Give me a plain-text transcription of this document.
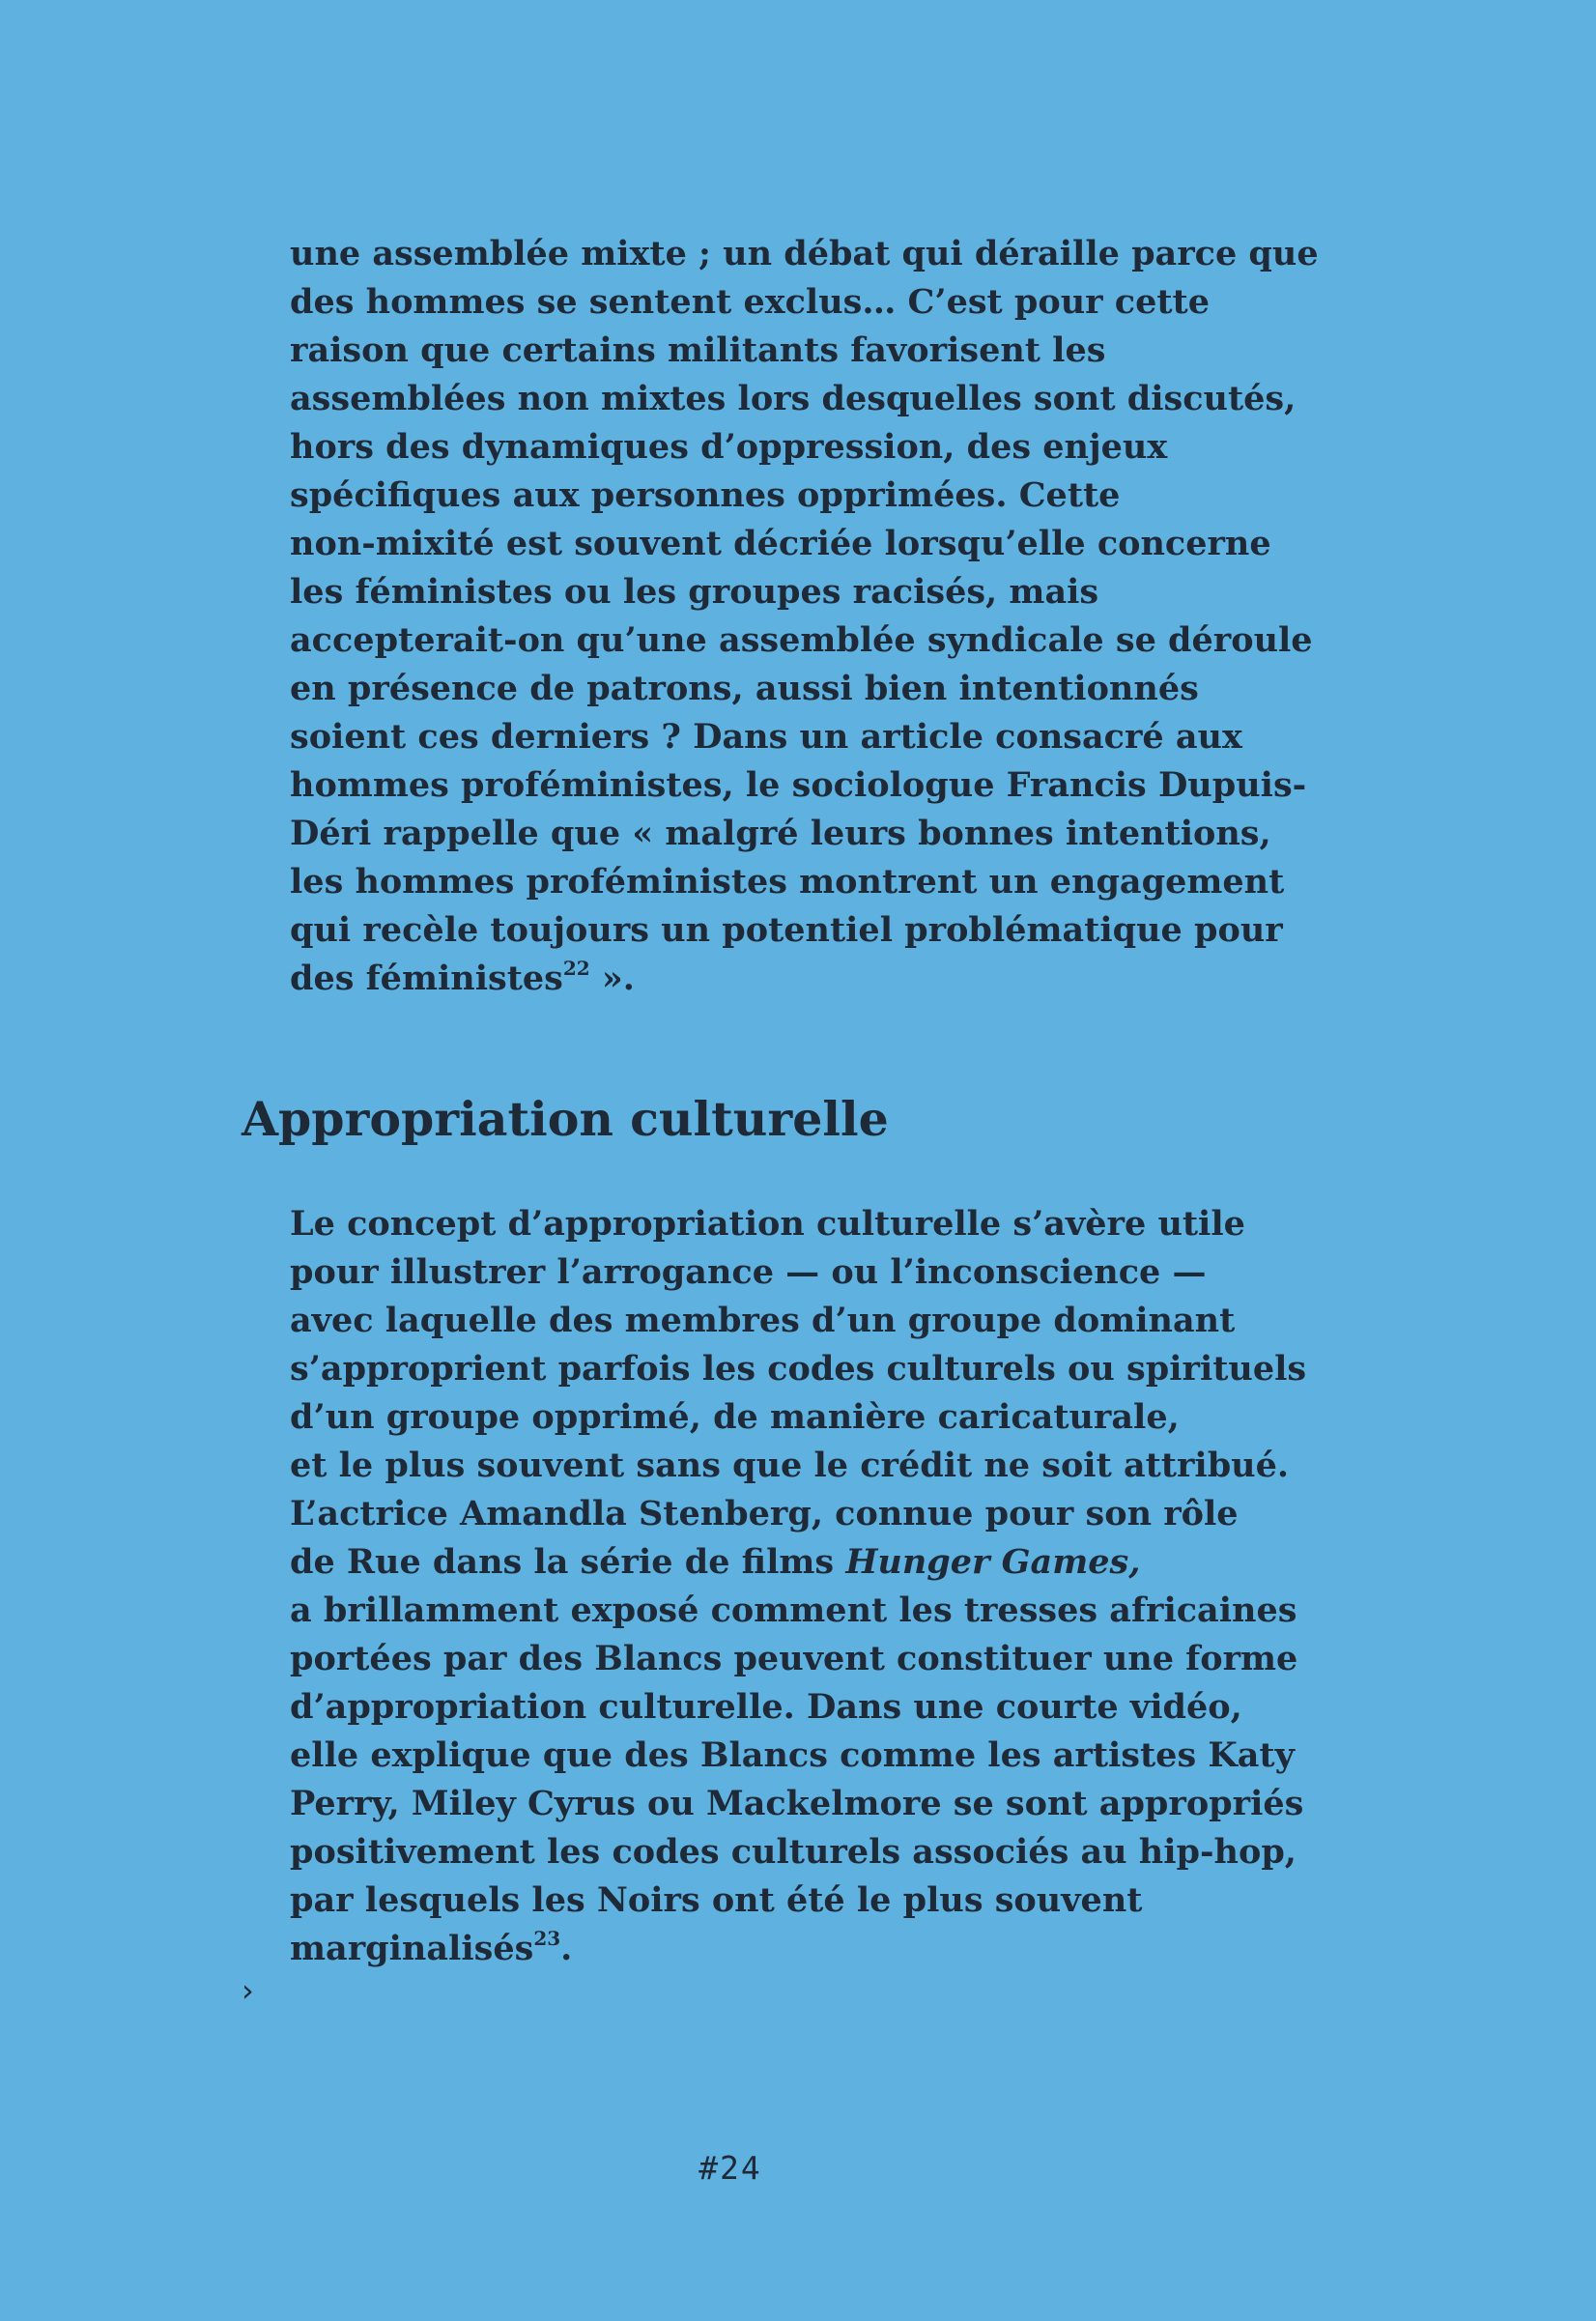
une assemblée mixte ; un débat qui déraille parce que
des hommes se sentent exclus… C’est pour cette
raison que certains militants favorisent les
assemblées non mixtes lors desquelles sont discutés,
hors des dynamiques d’oppression, des enjeux
spécifiques aux personnes opprimées. Cette
non-mixité est souvent décriée lorsqu’elle concerne
les féministes ou les groupes racisés, mais
accepterait-on qu’une assemblée syndicale se déroule
en présence de patrons, aussi bien intentionnés
soient ces derniers ? Dans un article consacré aux
hommes proféministes, le sociologue Francis Dupuis-
Déri rappelle que « malgré leurs bonnes intentions,
les hommes proféministes montrent un engagement
qui recèle toujours un potentiel problématique pour
des féministes$^{22}$ ».

Appropriation culturelle

Le concept d’appropriation culturelle s’avère utile
pour illustrer l’arrogance — ou l’inconscience —
avec laquelle des membres d’un groupe dominant
s’approprient parfois les codes culturels ou spirituels
d’un groupe opprimé, de manière caricaturale,
et le plus souvent sans que le crédit ne soit attribué.
L’actrice Amandla Stenberg, connue pour son rôle
de Rue dans la série de films Hunger Games,
a brillamment exposé comment les tresses africaines
portées par des Blancs peuvent constituer une forme
d’appropriation culturelle. Dans une courte vidéo,
elle explique que des Blancs comme les artistes Katy
Perry, Miley Cyrus ou Mackelmore se sont appropriés
positivement les codes culturels associés au hip-hop,
par lesquels les Noirs ont été le plus souvent
marginalisés$^{23}$.

›
#24
